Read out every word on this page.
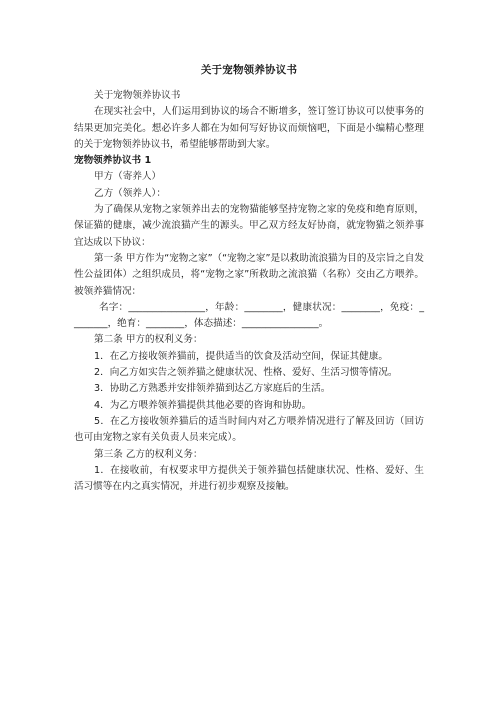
关于宠物领养协议书

关于宠物领养协议书

在现实社会中，人们运用到协议的场合不断增多，签订签订协议可以使事务的结果更加完美化。想必许多人都在为如何写好协议而烦恼吧，下面是小编精心整理的关于宠物领养协议书，希望能够帮助到大家。

宠物领养协议书 1

甲方（寄养人）

乙方（领养人）：

为了确保从宠物之家领养出去的宠物猫能够坚持宠物之家的免疫和绝育原则，保证猫的健康，减少流浪猫产生的源头。甲乙双方经友好协商，就宠物猫之领养事宜达成以下协议：

第一条 甲方作为“宠物之家”（“宠物之家”是以救助流浪猫为目的及宗旨之自发性公益团体）之组织成员，将“宠物之家”所救助之流浪猫（名称）交由乙方喂养。被领养猫情况：

名字：________________，年龄：________，健康状况：________，免疫：________，绝育：________，体态描述：________________。

第二条 甲方的权利义务：

1．在乙方接收领养猫前，提供适当的饮食及活动空间，保证其健康。

2．向乙方如实告之领养猫之健康状况、性格、爱好、生活习惯等情况。

3．协助乙方熟悉并安排领养猫到达乙方家庭后的生活。

4．为乙方喂养领养猫提供其他必要的咨询和协助。

5．在乙方接收领养猫后的适当时间内对乙方喂养情况进行了解及回访（回访也可由宠物之家有关负责人员来完成）。

第三条 乙方的权利义务：

1．在接收前，有权要求甲方提供关于领养猫包括健康状况、性格、爱好、生活习惯等在内之真实情况，并进行初步观察及接触。
